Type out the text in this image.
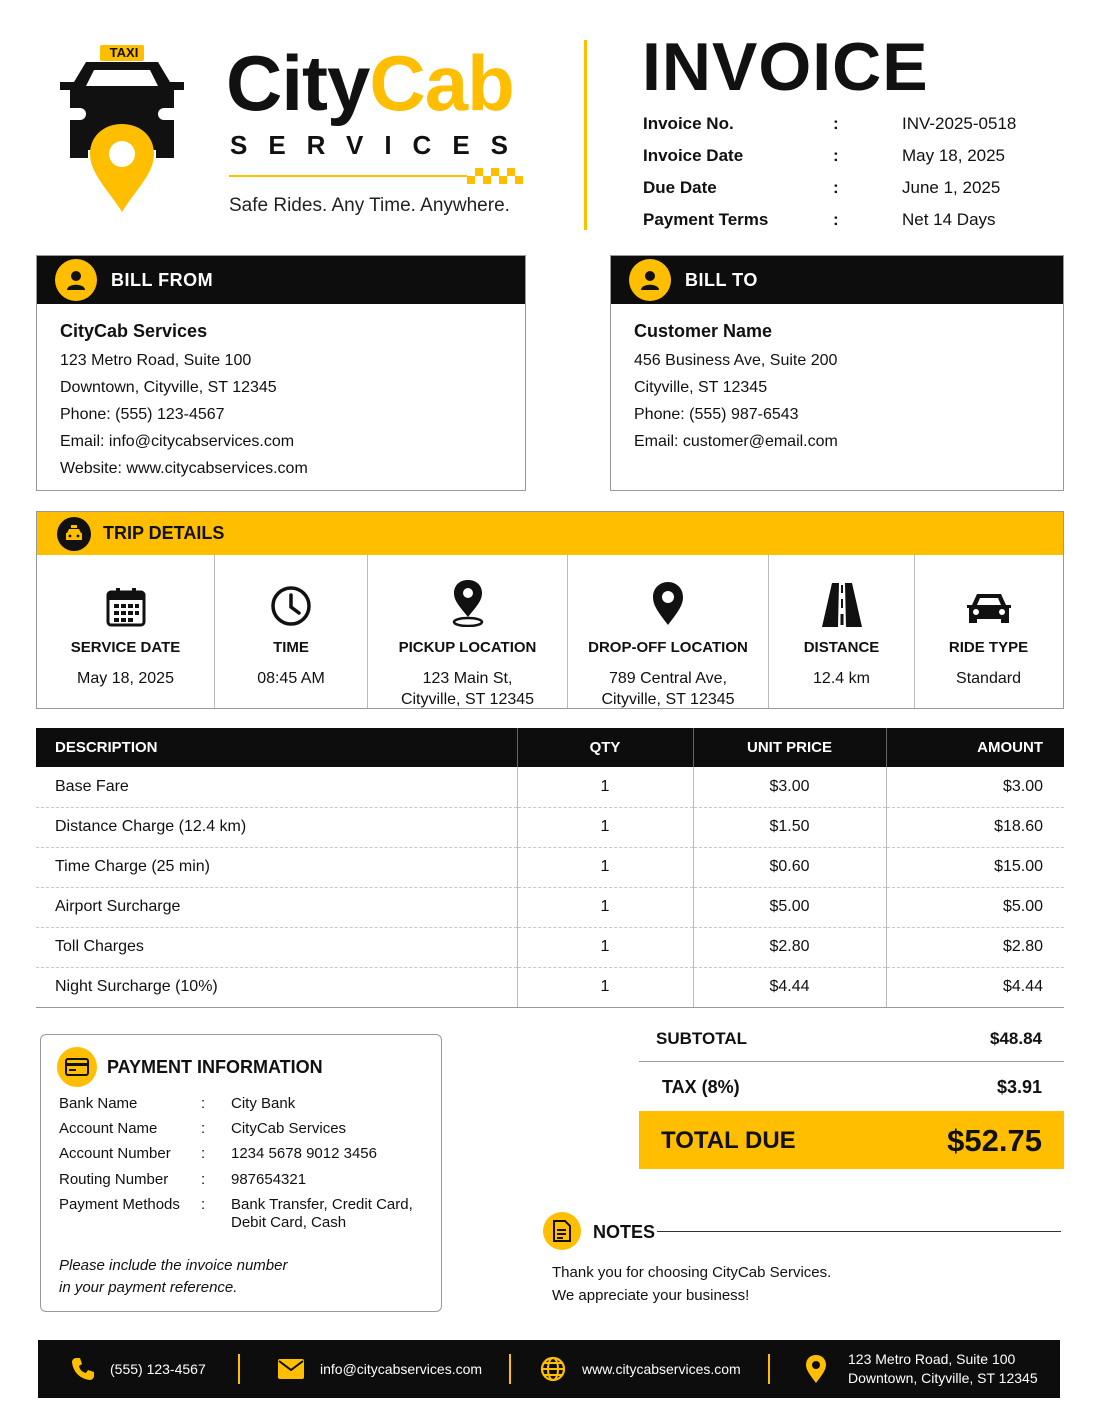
TAXI CityCab
SERVICES
Safe Rides. Any Time. Anywhere.
INVOICE
Invoice No.	:	INV-2025-0518
Invoice Date	:	May 18, 2025
Due Date	:	June 1, 2025
Payment Terms	:	Net 14 Days
BILL FROM
CityCab Services
123 Metro Road, Suite 100
Downtown, Cityville, ST 12345
Phone: (555) 123-4567
Email: info@citycabservices.com
Website: www.citycabservices.com
BILL TO
Customer Name
456 Business Ave, Suite 200
Cityville, ST 12345
Phone: (555) 987-6543
Email: customer@email.com
TRIP DETAILS
SERVICE DATE
May 18, 2025
TIME
08:45 AM
PICKUP LOCATION
123 Main St,
Cityville, ST 12345
DROP-OFF LOCATION
789 Central Ave,
Cityville, ST 12345
DISTANCE
12.4 km
RIDE TYPE
Standard
DESCRIPTION	QTY	UNIT PRICE	AMOUNT
Base Fare	1	$3.00	$3.00
Distance Charge (12.4 km)	1	$1.50	$18.60
Time Charge (25 min)	1	$0.60	$15.00
Airport Surcharge	1	$5.00	$5.00
Toll Charges	1	$2.80	$2.80
Night Surcharge (10%)	1	$4.44	$4.44
PAYMENT INFORMATION
Bank Name	: City Bank
Account Name	: CityCab Services
Account Number : 1234 5678 9012 3456
Routing Number : 987654321
Payment Methods : Bank Transfer, Credit Card,
Debit Card, Cash
Please include the invoice number
in your payment reference.
SUBTOTAL	$48.84
TAX (8%)	$3.91
TOTAL DUE	$52.75
NOTES
Thank you for choosing CityCab Services.
We appreciate your business!
(555) 123-4567	info@citycabservices.com	www.citycabservices.com
123 Metro Road, Suite 100
Downtown, Cityville, ST 12345
